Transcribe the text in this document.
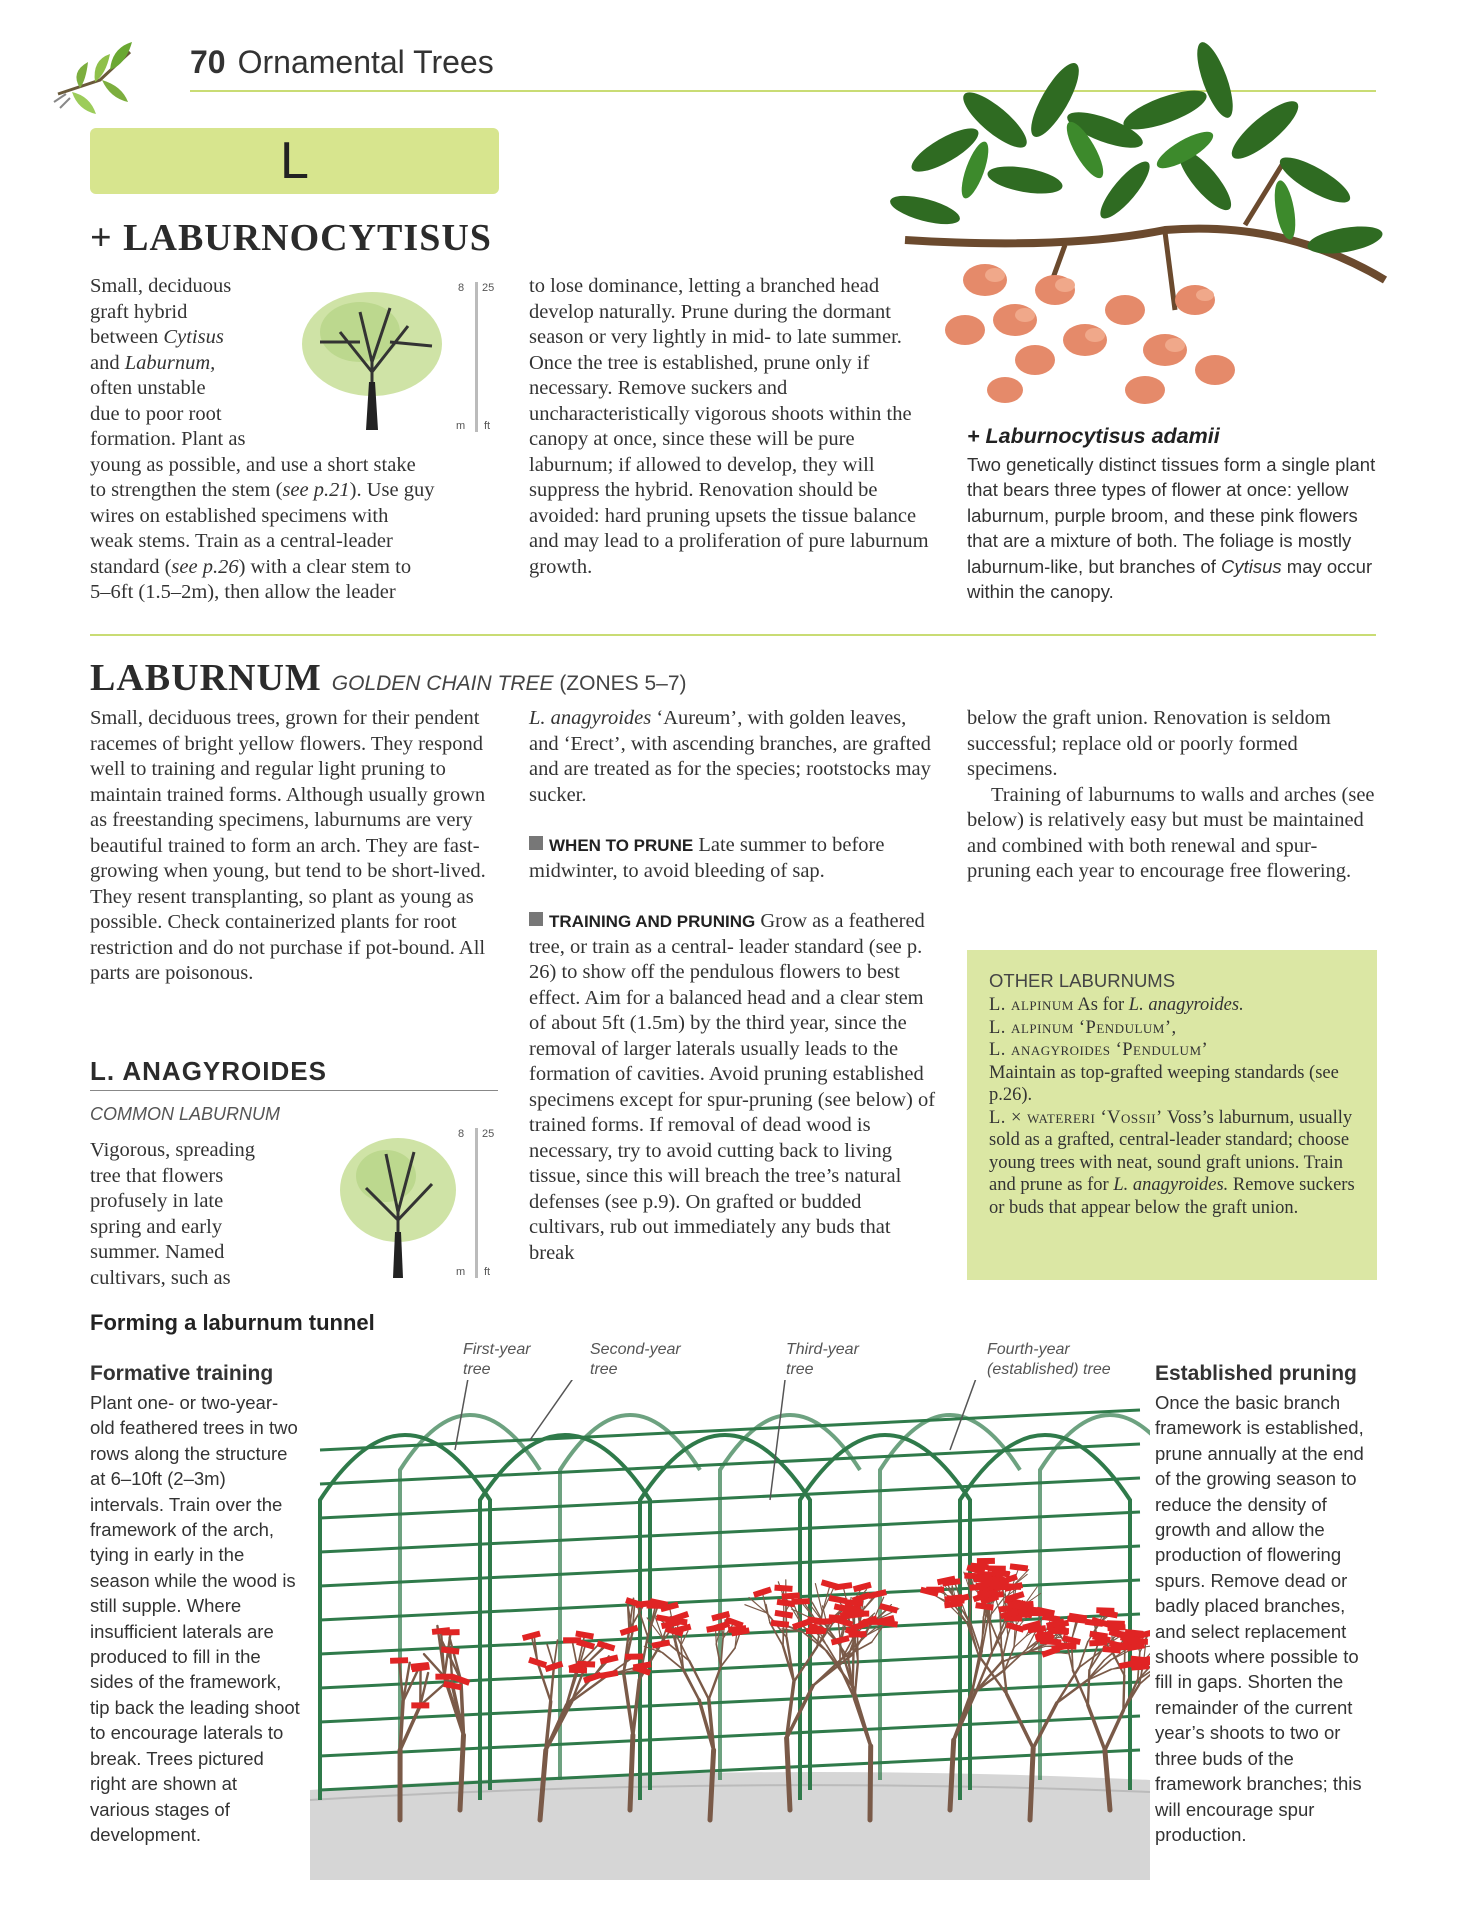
70 Ornamental Trees
L
+ LABURNOCYTISUS
Small, deciduous
graft hybrid
between Cytisus
and Laburnum,
often unstable
due to poor root
formation. Plant as
young as possible, and use a short stake
to strengthen the stem (see p.21). Use guy
wires on established specimens with
weak stems. Train as a central-leader
standard (see p.26) with a clear stem to
5–6ft (1.5–2m), then allow the leader
8 25
m ft

to lose dominance, letting a branched head develop naturally. Prune during the dormant season or very lightly in mid- to late summer. Once the tree is established, prune only if necessary. Remove suckers and uncharacteristically vigorous shoots within the canopy at once, since these will be pure laburnum; if allowed to develop, they will suppress the hybrid. Renovation should be avoided: hard pruning upsets the tissue balance and may lead to a proliferation of pure laburnum growth.

+ Laburnocytisus adamii
Two genetically distinct tissues form a single plant that bears three types of flower at once: yellow laburnum, purple broom, and these pink flowers that are a mixture of both. The foliage is mostly laburnum-like, but branches of Cytisus may occur within the canopy.
LABURNUM GOLDEN CHAIN TREE (ZONES 5–7)

Small, deciduous trees, grown for their pendent racemes of bright yellow flowers. They respond well to training and regular light pruning to maintain trained forms. Although usually grown as freestanding specimens, laburnums are very beautiful trained to form an arch. They are fast-growing when young, but tend to be short-lived. They resent transplanting, so plant as young as possible. Check containerized plants for root restriction and do not purchase if pot-bound. All parts are poisonous.

L. anagyroides ‘Aureum’, with golden leaves, and ‘Erect’, with ascending branches, are grafted and are treated as for the species; rootstocks may sucker.

WHEN TO PRUNE Late summer to before midwinter, to avoid bleeding of sap.

TRAINING AND PRUNING Grow as a feathered tree, or train as a central- leader standard (see p. 26) to show off the pendulous flowers to best effect. Aim for a balanced head and a clear stem of about 5ft (1.5m) by the third year, since the removal of larger laterals usually leads to the formation of cavities. Avoid pruning established specimens except for spur-pruning (see below) of trained forms. If removal of dead wood is necessary, try to avoid cutting back to living tissue, since this will breach the tree’s natural defenses (see p.9). On grafted or budded cultivars, rub out immediately any buds that break

below the graft union. Renovation is seldom successful; replace old or poorly formed specimens.

Training of laburnums to walls and arches (see below) is relatively easy but must be maintained and combined with both renewal and spur-pruning each year to encourage free flowering.

L. ANAGYROIDES
COMMON LABURNUM
Vigorous, spreading
tree that flowers
profusely in late
spring and early
summer. Named
cultivars, such as
8 25
m ft
OTHER LABURNUMS
L. alpinum As for L. anagyroides.
L. alpinum ‘Pendulum’,
L. anagyroides ‘Pendulum’
Maintain as top-grafted weeping standards (see p.26).
L. × watereri ‘Vossii’ Voss’s laburnum, usually sold as a grafted, central-leader standard; choose young trees with neat, sound graft unions. Train and prune as for L. anagyroides. Remove suckers or buds that appear below the graft union.
Forming a laburnum tunnel
Formative training
Plant one- or two-year-old feathered trees in two rows along the structure at 6–10ft (2–3m) intervals. Train over the framework of the arch, tying in early in the season while the wood is still supple. Where insufficient laterals are produced to fill in the sides of the framework, tip back the leading shoot to encourage laterals to break. Trees pictured right are shown at various stages of development.
Established pruning
Once the basic branch framework is established, prune annually at the end of the growing season to reduce the density of growth and allow the production of flowering spurs. Remove dead or badly placed branches, and select replacement shoots where possible to fill in gaps. Shorten the remainder of the current year’s shoots to two or three buds of the framework branches; this will encourage spur production.
First-year
tree
Second-year
tree
Third-year
tree
Fourth-year
(established) tree
